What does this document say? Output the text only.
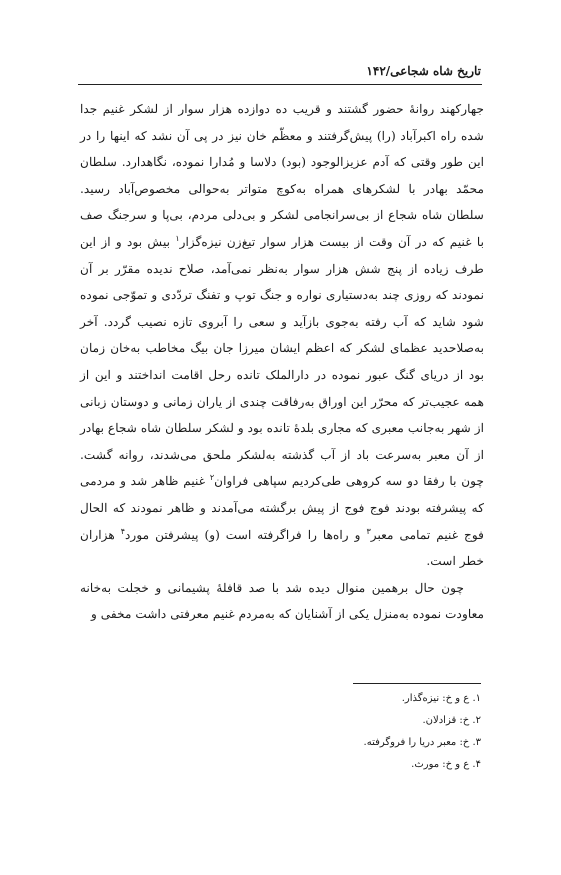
تاریخ شاه شجاعی/۱۴۲

جهارکهند روانهٔ حضور گشتند و قریب ده دوازده هزار سوار از لشکر غنیم جدا شده راه اکبرآباد (را) پیش‌گرفتند و معظّم خان نیز در پی آن نشد که اینها را در این طور وقتی که آدم عزیزالوجود (بود) دلاسا و مُدارا نموده، نگاهدارد. سلطان محمّد بهادر با لشکرهای همراه به‌کوچ متواتر به‌حوالی مخصوص‌آباد رسید. سلطان شاه شجاع از بی‌سرانجامی لشکر و بی‌دلی مردم، بی‌پا و سرجنگ صف با غنیم که در آن وقت از بیست هزار سوار تیغ‌زن نیزه‌گزار$^۱$ بیش بود و از این طرف زیاده از پنج شش هزار سوار به‌نظر نمی‌آمد، صلاح ندیده مقرّر بر آن نمودند که روزی چند به‌دستیاری نواره و جنگ توپ و تفنگ تردّدی و تموّجی نموده شود شاید که آب رفته به‌جوی بازآید و سعی را آبروی تازه نصیب گردد. آخر به‌صلاحدید عظمای لشکر که اعظم ایشان میرزا جان بیگ مخاطب به‌خان زمان بود از دریای گنگ عبور نموده در دارالملک تانده رحل اقامت انداختند و این از همه عجیب‌تر که محرّر این اوراق به‌رفاقت چندی از یاران زمانی و دوستان زبانی از شهر به‌جانب معبری که مجاری بلدهٔ تانده بود و لشکر سلطان شاه شجاع بهادر از آن معبر به‌سرعت باد از آب گذشته به‌لشکر ملحق می‌شدند، روانه گشت. چون با رفقا دو سه کروهی طی‌کردیم سپاهی فراوان$^۲$ غنیم ظاهر شد و مردمی که پیشرفته بودند فوج فوج از پیش برگشته می‌آمدند و ظاهر نمودند که الحال فوج غنیم تمامی معبر$^۳$ و راه‌ها را فراگرفته است (و) پیشرفتن مورد$^۴$ هزاران خطر است.

چون حال برهمین منوال دیده شد با صد قافلهٔ پشیمانی و خجلت به‌خانه معاودت نموده به‌منزل یکی از آشنایان که به‌مردم غنیم معرفتی داشت مخفی و

۱. ع و خ: نیزه‌گذار.
۲. خ: قزادلان.
۳. خ: معبر دریا را فروگرفته.
۴. ع و خ: مورث.
